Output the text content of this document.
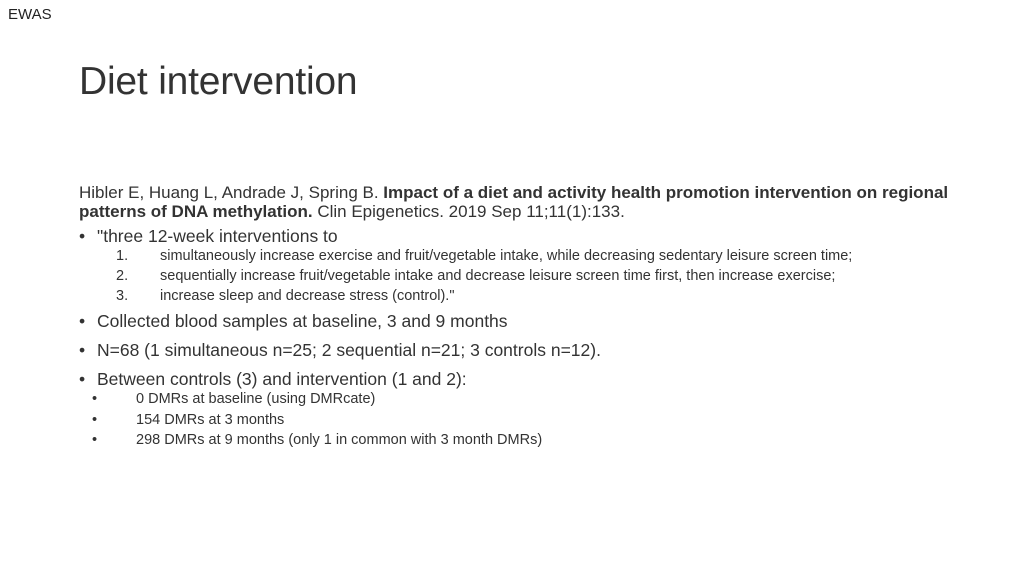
EWAS
Diet intervention

Hibler E, Huang L, Andrade J, Spring B. Impact of a diet and activity health promotion intervention on regional patterns of DNA methylation. Clin Epigenetics. 2019 Sep 11;11(1):133.

• "three 12-week interventions to
1. simultaneously increase exercise and fruit/vegetable intake, while decreasing sedentary leisure screen time;
2. sequentially increase fruit/vegetable intake and decrease leisure screen time first, then increase exercise;
3. increase sleep and decrease stress (control)."
• Collected blood samples at baseline, 3 and 9 months
• N=68 (1 simultaneous n=25; 2 sequential n=21; 3 controls n=12).
• Between controls (3) and intervention (1 and 2):
•	0 DMRs at baseline (using DMRcate)
•	154 DMRs at 3 months
•	298 DMRs at 9 months (only 1 in common with 3 month DMRs)
